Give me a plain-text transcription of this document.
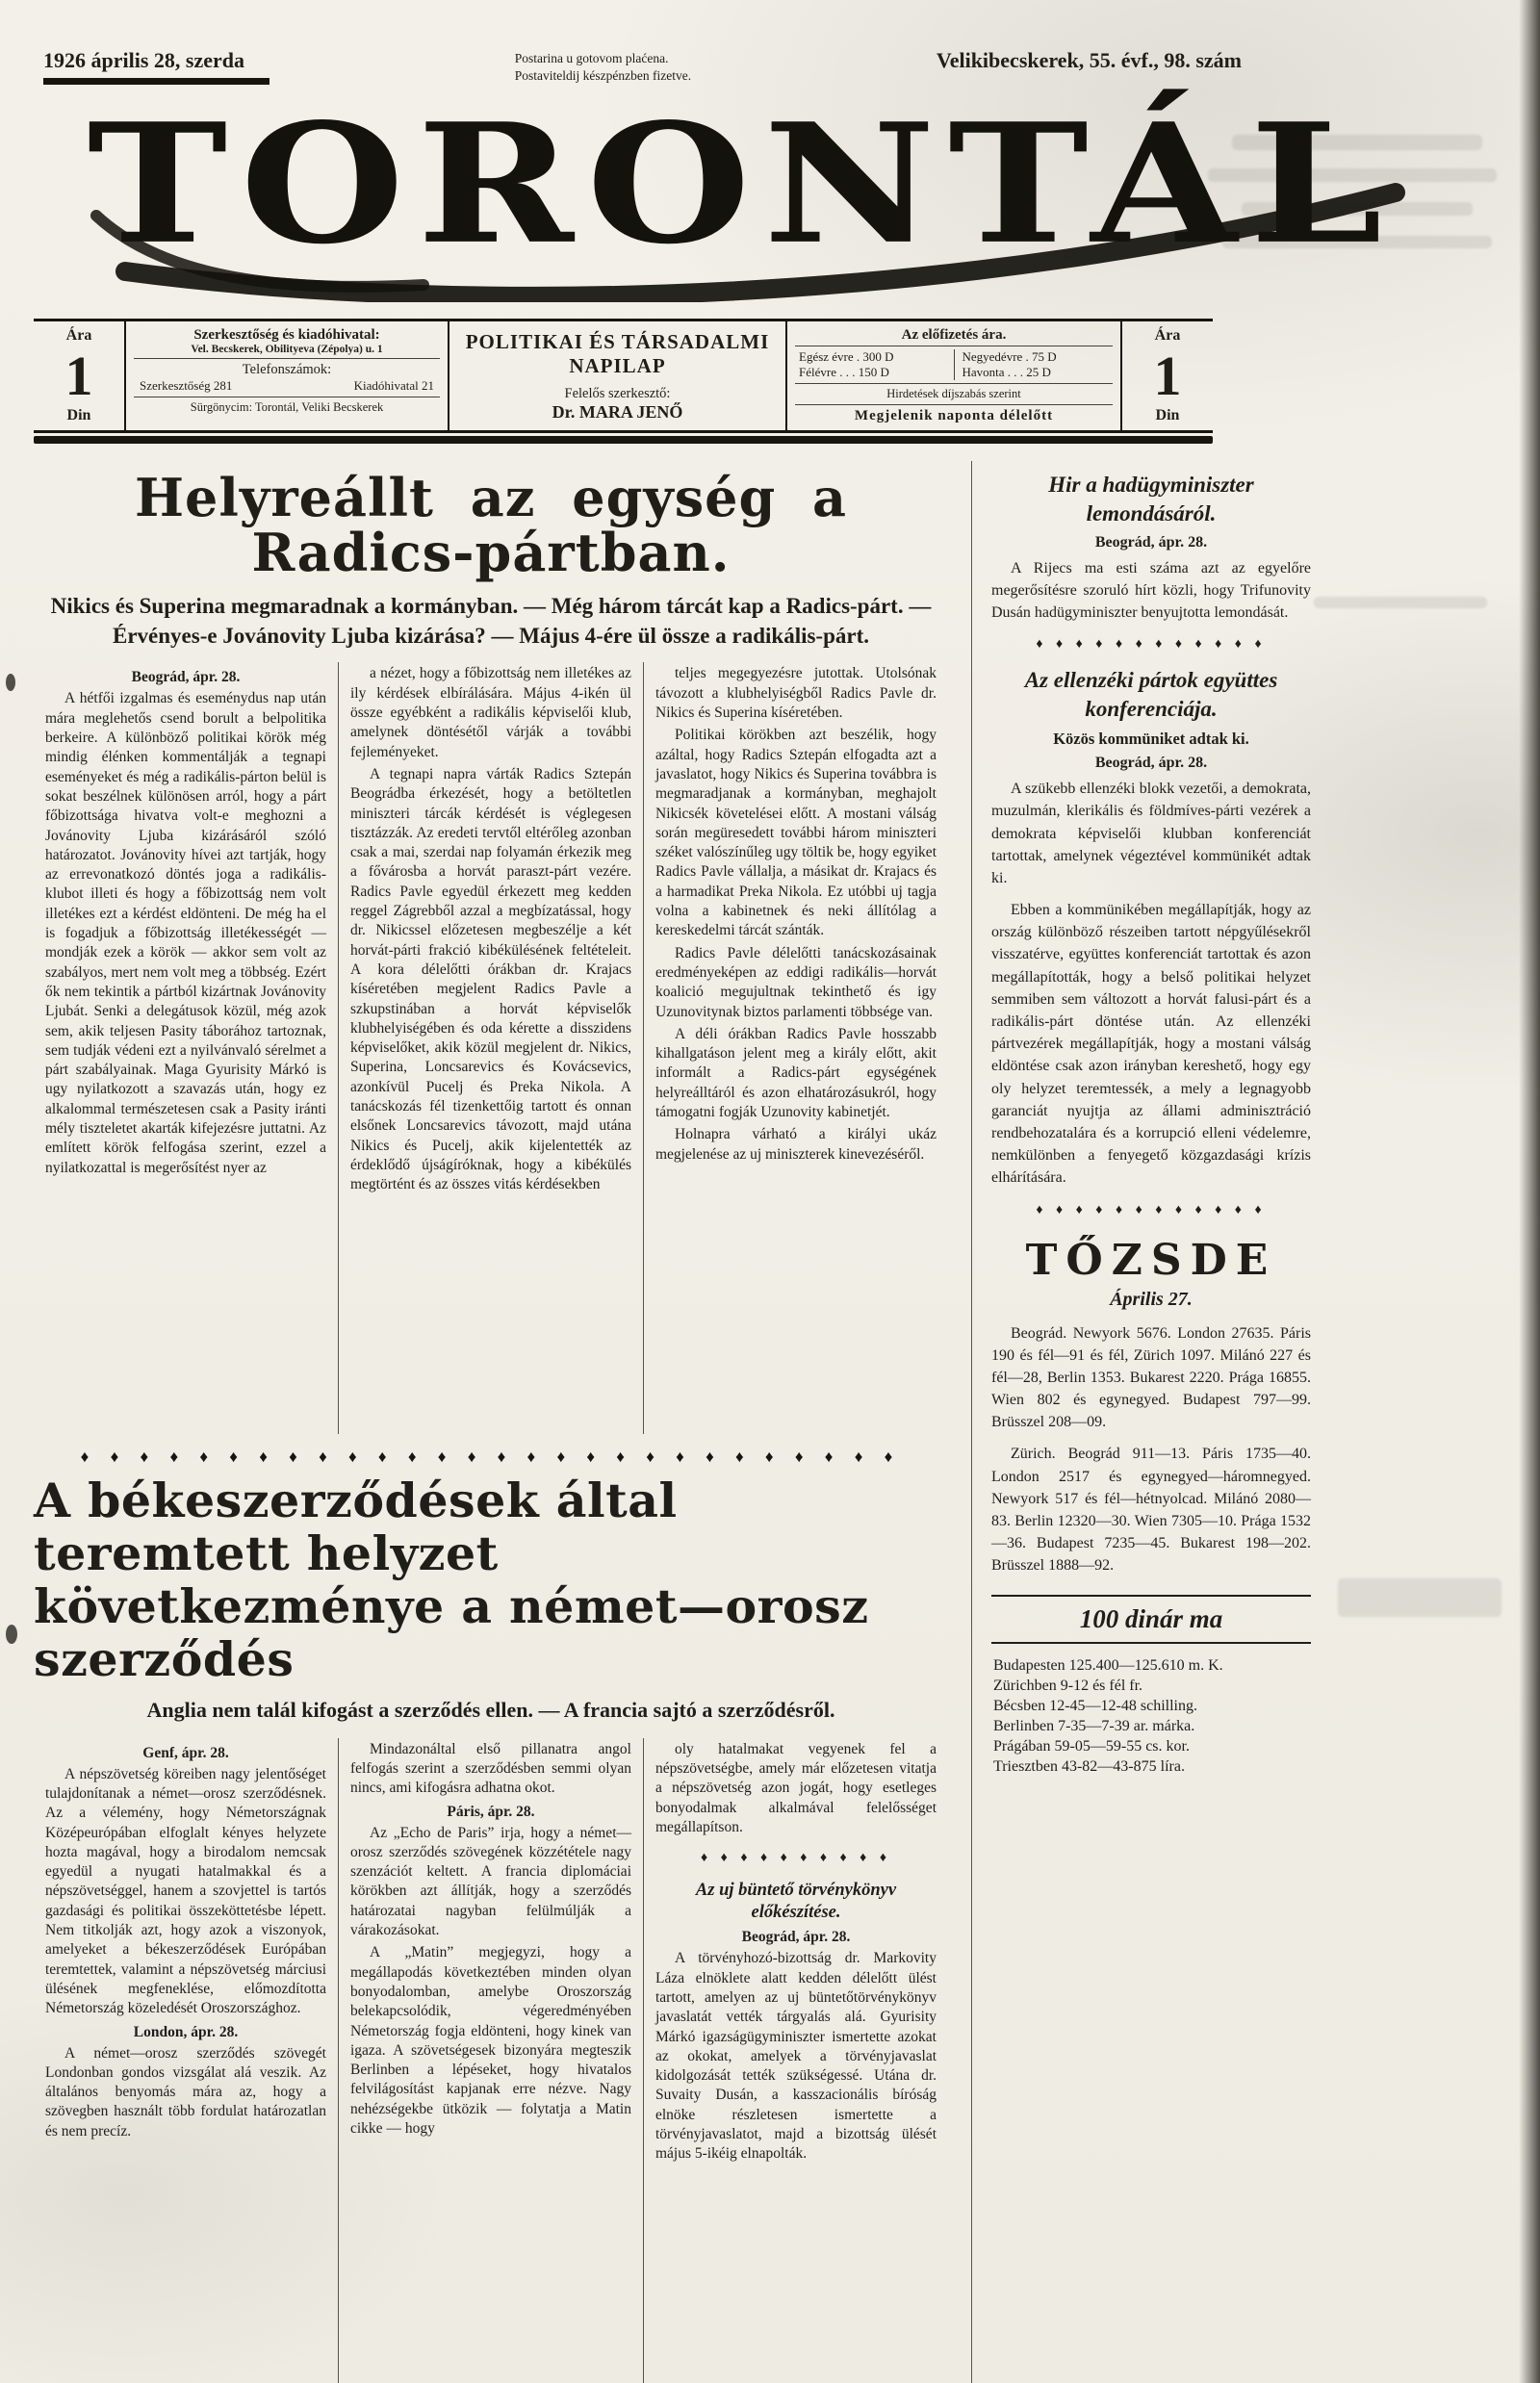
1926 április 28, szerda	Postarina u gotovom plaćena.
Postaviteldij készpénzben fizetve.
Velikibecskerek, 55. évf., 98. szám
TORONTÁL
Ára
1
Din
Szerkesztőség és kiadóhivatal:
Vel. Becskerek, Obilityeva (Zépolya) u. 1
Telefonszámok:
Szerkesztőség 281	Kiadóhivatal 21
Sürgönycim: Torontál, Veliki Becskerek
POLITIKAI ÉS TÁRSADALMI NAPILAP
Felelős szerkesztő:
Dr. MARA JENŐ
Az előfizetés ára.
Egész évre . 300 D	Negyedévre . 75 D
Félévre . . . 150 D	Havonta . . . 25 D
Hirdetések díjszabás szerint
Megjelenik naponta délelőtt
Ára
1
Din
Helyreállt az egység a Radics-pártban.
Nikics és Superina megmaradnak a kormányban. — Még három tárcát kap a Radics-párt. — Érvényes-e Jovánovity Ljuba kizárása? — Május 4-ére ül össze a radikális-párt.

Beográd, ápr. 28.

A hétfői izgalmas és eseménydus nap után mára meglehetős csend borult a belpolitika berkeire. A különböző politikai körök még mindig élénken kommentálják a tegnapi eseményeket és még a radikális-párton belül is sokat beszélnek különösen arról, hogy a párt főbizottsága hivatva volt-e meghozni a Jovánovity Ljuba kizárásáról szóló határozatot. Jovánovity hívei azt tartják, hogy az errevonatkozó döntés joga a radikális-klubot illeti és hogy a főbizottság nem volt illetékes ezt a kérdést eldönteni. De még ha el is fogadjuk a főbizottság illetékességét — mondják ezek a körök — akkor sem volt az szabályos, mert nem volt meg a többség. Ezért ők nem tekintik a pártból kizártnak Jovánovity Ljubát. Senki a delegátusok közül, még azok sem, akik teljesen Pasity táborához tartoznak, sem tudják védeni ezt a nyilvánvaló sérelmet a párt szabályainak. Maga Gyurisity Márkó is ugy nyilatkozott a szavazás után, hogy ez alkalommal természetesen csak a Pasity iránti mély tiszteletet akarták kifejezésre juttatni. Az említett körök felfogása szerint, ezzel a nyilatkozattal is megerősítést nyer az

a nézet, hogy a főbizottság nem illetékes az ily kérdések elbírálására. Május 4-ikén ül össze egyébként a radikális képviselői klub, amelynek döntésétől várják a további fejleményeket.

A tegnapi napra várták Radics Sztepán Beográdba érkezését, hogy a betöltetlen miniszteri tárcák kérdését is véglegesen tisztázzák. Az eredeti tervtől eltérőleg azonban csak a mai, szerdai nap folyamán érkezik meg a fővárosba a horvát paraszt-párt vezére. Radics Pavle egyedül érkezett meg kedden reggel Zágrebből azzal a megbízatással, hogy dr. Nikicssel előzetesen megbeszélje a két horvát-párti frakció kibékülésének feltételeit. A kora délelőtti órákban dr. Krajacs kíséretében megjelent Radics Pavle a szkupstinában a horvát képviselők klubhelyiségében és oda kérette a disszidens képviselőket, akik közül megjelent dr. Nikics, Superina, Loncsarevics és Kovácsevics, azonkívül Pucelj és Preka Nikola. A tanácskozás fél tizenkettőig tartott és onnan elsőnek Loncsarevics távozott, majd utána Nikics és Pucelj, akik kijelentették az érdeklődő újságíróknak, hogy a kibékülés megtörtént és az összes vitás kérdésekben

teljes megegyezésre jutottak. Utolsónak távozott a klubhelyiségből Radics Pavle dr. Nikics és Superina kíséretében.

Politikai körökben azt beszélik, hogy azáltal, hogy Radics Sztepán elfogadta azt a javaslatot, hogy Nikics és Superina továbbra is megmaradjanak a kormányban, meghajolt Nikicsék követelései előtt. A mostani válság során megüresedett további három miniszteri széket valószínűleg ugy töltik be, hogy egyiket Radics Pavle vállalja, a másikat dr. Krajacs és a harmadikat Preka Nikola. Ez utóbbi uj tagja volna a kabinetnek és neki állítólag a kereskedelmi tárcát szánták.

Radics Pavle délelőtti tanácskozásainak eredményeképen az eddigi radikális—horvát koalició megujultnak tekinthető és igy Uzunovitynak biztos parlamenti többsége van.

A déli órákban Radics Pavle hosszabb kihallgatáson jelent meg a király előtt, akit informált a Radics-párt egységének helyreálltáról és azon elhatározásukról, hogy támogatni fogják Uzunovity kabinetjét.

Holnapra várható a királyi ukáz megjelenése az uj miniszterek kinevezéséről.

♦ ♦ ♦ ♦ ♦ ♦ ♦ ♦ ♦ ♦ ♦ ♦ ♦ ♦ ♦ ♦ ♦ ♦ ♦ ♦ ♦ ♦ ♦ ♦ ♦ ♦ ♦ ♦
A békeszerződések által teremtett helyzet
következménye a német—orosz szerződés
Anglia nem talál kifogást a szerződés ellen. — A francia sajtó a szerződésről.

Genf, ápr. 28.

A népszövetség köreiben nagy jelentőséget tulajdonítanak a német—orosz szerződésnek. Az a vélemény, hogy Németországnak Középeurópában elfoglalt kényes helyzete hozta magával, hogy a birodalom nemcsak egyedül a nyugati hatalmakkal és a népszövetséggel, hanem a szovjettel is tartós gazdasági és politikai összeköttetésbe lépett. Nem titkolják azt, hogy azok a viszonyok, amelyeket a békeszerződések Európában teremtettek, valamint a népszövetség márciusi ülésének megfeneklése, előmozdította Németország közeledését Oroszországhoz.

London, ápr. 28.

A német—orosz szerződés szövegét Londonban gondos vizsgálat alá veszik. Az általános benyomás mára az, hogy a szövegben használt több fordulat határozatlan és nem precíz.

Mindazonáltal első pillanatra angol felfogás szerint a szerződésben semmi olyan nincs, ami kifogásra adhatna okot.

Páris, ápr. 28.

Az „Echo de Paris” irja, hogy a német—orosz szerződés szövegének közzététele nagy szenzációt keltett. A francia diplomáciai körökben azt állítják, hogy a szerződés határozatai nagyban felülmúlják a várakozásokat.

A „Matin” megjegyzi, hogy a megállapodás következtében minden olyan bonyodalomban, amelybe Oroszország belekapcsolódik, végeredményében Németország fogja eldönteni, hogy kinek van igaza. A szövetségesek bizonyára megteszik Berlinben a lépéseket, hogy hivatalos felvilágosítást kapjanak erre nézve. Nagy nehézségekbe ütközik — folytatja a Matin cikke — hogy

oly hatalmakat vegyenek fel a népszövetségbe, amely már előzetesen vitatja a népszövetség azon jogát, hogy esetleges bonyodalmak alkalmával felelősséget megállapítson.

♦ ♦ ♦ ♦ ♦ ♦ ♦ ♦ ♦ ♦

Az uj büntető törvénykönyv előkészítése.

Beográd, ápr. 28.

A törvényhozó-bizottság dr. Markovity Láza elnöklete alatt kedden délelőtt ülést tartott, amelyen az uj büntetőtörvénykönyv javaslatát vették tárgyalás alá. Gyurisity Márkó igazságügyminiszter ismertette azokat az okokat, amelyek a törvényjavaslat kidolgozását tették szükségessé. Utána dr. Suvaity Dusán, a kasszacionális bíróság elnöke részletesen ismertette a törvényjavaslatot, majd a bizottság ülését május 5-ikéig elnapolták.

Hir a hadügyminiszter lemondásáról.

Beográd, ápr. 28.

A Rijecs ma esti száma azt az egyelőre megerősítésre szoruló hírt közli, hogy Trifunovity Dusán hadügyminiszter benyujtotta lemondását.

♦ ♦ ♦ ♦ ♦ ♦ ♦ ♦ ♦ ♦ ♦ ♦

Az ellenzéki pártok együttes konferenciája.

Közös kommüniket adtak ki.

Beográd, ápr. 28.

A szükebb ellenzéki blokk vezetői, a demokrata, muzulmán, klerikális és földmíves-párti vezérek a demokrata képviselői klubban konferenciát tartottak, amelynek végeztével kommünikét adtak ki.

Ebben a kommünikében megállapítják, hogy az ország különböző részeiben tartott népgyűlésekről visszatérve, együttes konferenciát tartottak és azon megállapították, hogy a belső politikai helyzet semmiben sem változott a horvát falusi-párt és a radikális-párt döntése után. Az ellenzéki pártvezérek megállapítják, hogy a mostani válság eldöntése csak azon irányban kereshető, hogy egy oly helyzet teremtessék, a mely a legnagyobb garanciát nyujtja az állami adminisztráció rendbehozatalára és a korrupció elleni védelemre, nemkülönben a fenyegető közgazdasági krízis elhárítására.

♦ ♦ ♦ ♦ ♦ ♦ ♦ ♦ ♦ ♦ ♦ ♦

TŐZSDE

Április 27.

Beográd. Newyork 5676. London 27635. Páris 190 és fél—91 és fél, Zürich 1097. Milánó 227 és fél—28, Berlin 1353. Bukarest 2220. Prága 16855. Wien 802 és egynegyed. Budapest 797—99. Brüsszel 208—09.

Zürich. Beográd 911—13. Páris 1735—40. London 2517 és egynegyed—háromnegyed. Newyork 517 és fél—hétnyolcad. Milánó 2080—83. Berlin 12320—30. Wien 7305—10. Prága 1532—36. Budapest 7235—45. Bukarest 198—202. Brüsszel 1888—92.

100 dinár ma

Budapesten 125.400—125.610 m. K.

Zürichben 9-12 és fél fr.

Bécsben 12-45—12-48 schilling.

Berlinben 7-35—7-39 ar. márka.

Prágában 59-05—59-55 cs. kor.

Triesztben 43-82—43-875 líra.
